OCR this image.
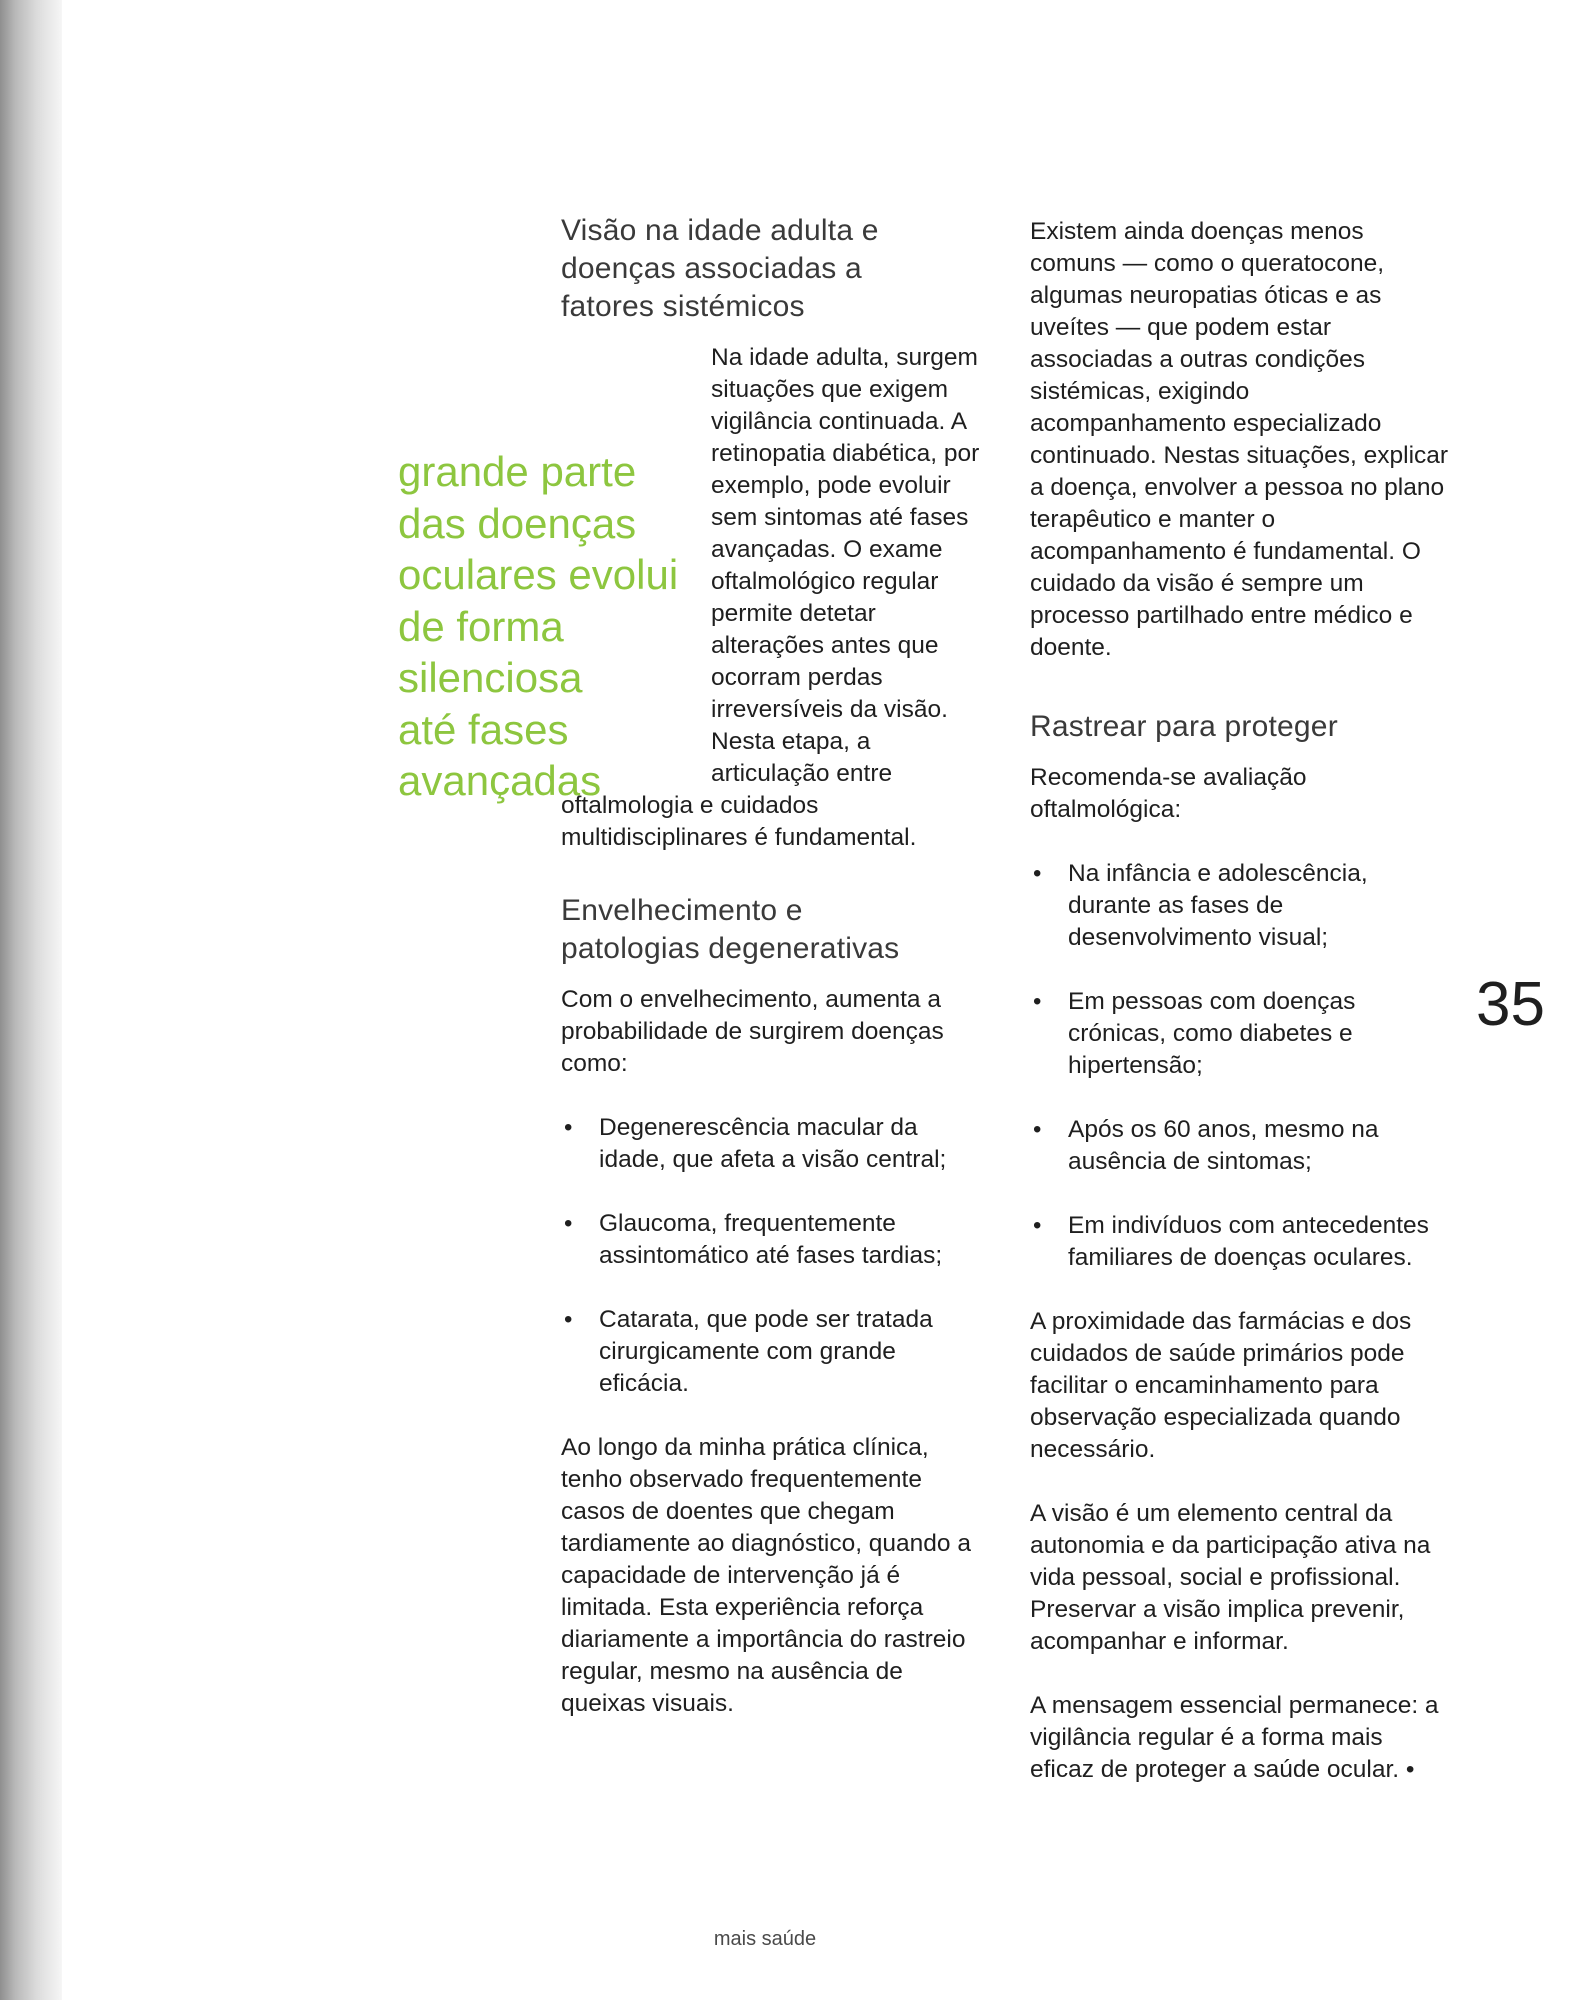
grande parte
das doenças
oculares evolui
de forma
silenciosa
até fases
avançadas
Visão na idade adulta e doenças associadas a fatores sistémicos

Na idade adulta, surgem situações que exigem vigilância continuada. A retinopatia diabética, por exemplo, pode evoluir sem sintomas até fases avançadas. O exame oftalmológico regular permite detetar alterações antes que ocorram perdas irreversíveis da visão. Nesta etapa, a articulação entre oftalmologia e cuidados multidisciplinares é fundamental.

Envelhecimento e patologias degenerativas

Com o envelhecimento, aumenta a probabilidade de surgirem doenças como:

• Degenerescência macular da idade, que afeta a visão central;
• Glaucoma, frequentemente assintomático até fases tardias;
• Catarata, que pode ser tratada cirurgicamente com grande eficácia.

Ao longo da minha prática clínica, tenho observado frequentemente casos de doentes que chegam tardiamente ao diagnóstico, quando a capacidade de intervenção já é limitada. Esta experiência reforça diariamente a importância do rastreio regular, mesmo na ausência de queixas visuais.

Existem ainda doenças menos comuns — como o queratocone, algumas neuropatias óticas e as uveítes — que podem estar associadas a outras condições sistémicas, exigindo acompanhamento especializado continuado. Nestas situações, explicar a doença, envolver a pessoa no plano terapêutico e manter o acompanhamento é fundamental. O cuidado da visão é sempre um processo partilhado entre médico e doente.

Rastrear para proteger

Recomenda-se avaliação oftalmológica:

• Na infância e adolescência, durante as fases de desenvolvimento visual;
• Em pessoas com doenças crónicas, como diabetes e hipertensão;
• Após os 60 anos, mesmo na ausência de sintomas;
• Em indivíduos com antecedentes familiares de doenças oculares.

A proximidade das farmácias e dos cuidados de saúde primários pode facilitar o encaminhamento para observação especializada quando necessário.

A visão é um elemento central da autonomia e da participação ativa na vida pessoal, social e profissional. Preservar a visão implica prevenir, acompanhar e informar.

A mensagem essencial permanece: a vigilância regular é a forma mais eficaz de proteger a saúde ocular. •

35
mais saúde
